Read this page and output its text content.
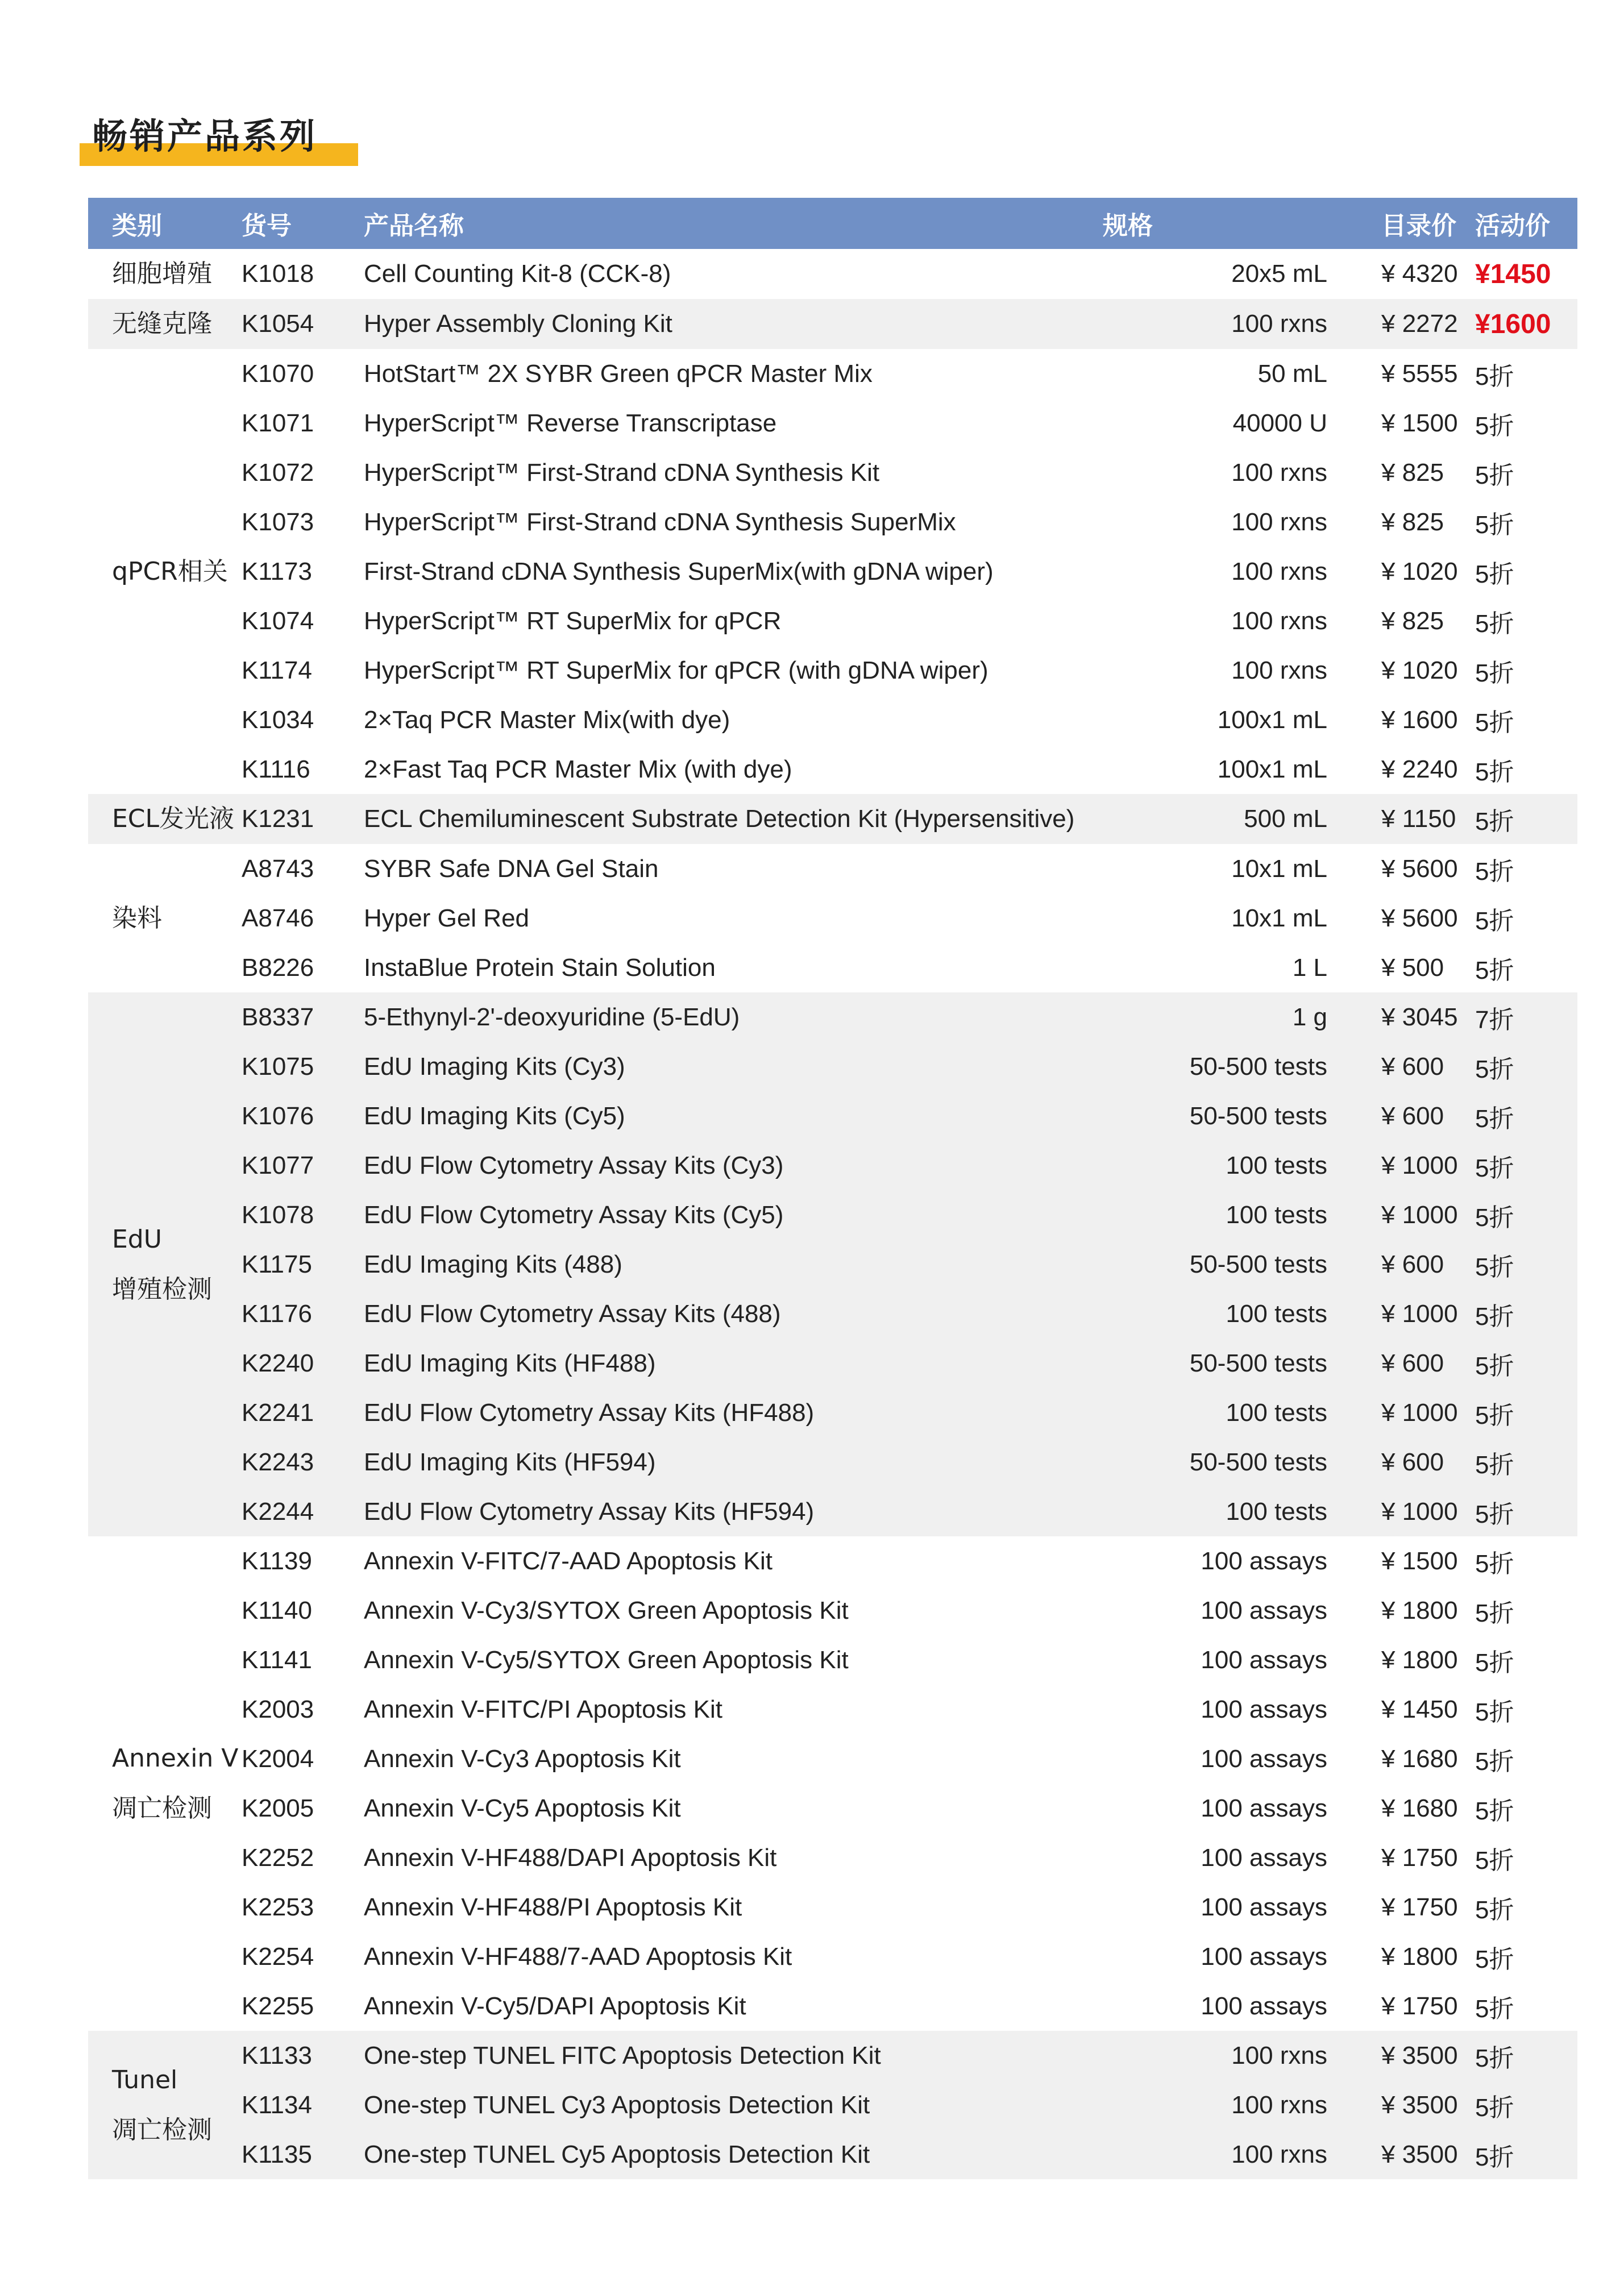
畅销产品系列
类别	货号	产品名称	规格	目录价	活动价

细胞增殖	K1018	Cell Counting Kit-8 (CCK-8)	20x5 mL	¥ 4320	¥1450

无缝克隆	K1054	Hyper Assembly Cloning Kit	100 rxns	¥ 2272	¥1600

qPCR相关	K1070	HotStart™ 2X SYBR Green qPCR Master Mix	50 mL	¥ 5555	5折
	K1071	HyperScript™ Reverse Transcriptase	40000 U	¥ 1500	5折
	K1072	HyperScript™ First-Strand cDNA Synthesis Kit	100 rxns	¥ 825	5折
	K1073	HyperScript™ First-Strand cDNA Synthesis SuperMix	100 rxns	¥ 825	5折
	K1173	First-Strand cDNA Synthesis SuperMix(with gDNA wiper)	100 rxns	¥ 1020	5折
	K1074	HyperScript™ RT SuperMix for qPCR	100 rxns	¥ 825	5折
	K1174	HyperScript™ RT SuperMix for qPCR (with gDNA wiper)	100 rxns	¥ 1020	5折
	K1034	2×Taq PCR Master Mix(with dye)	100x1 mL	¥ 1600	5折
	K1116	2×Fast Taq PCR Master Mix (with dye)	100x1 mL	¥ 2240	5折

ECL发光液	K1231	ECL Chemiluminescent Substrate Detection Kit (Hypersensitive)	500 mL	¥ 1150	5折

染料	A8743	SYBR Safe DNA Gel Stain	10x1 mL	¥ 5600	5折
	A8746	Hyper Gel Red	10x1 mL	¥ 5600	5折
	B8226	InstaBlue Protein Stain Solution	1 L	¥ 500	5折

EdU
增殖检测	B8337	5-Ethynyl-2'-deoxyuridine (5-EdU)	1 g	¥ 3045	7折
	K1075	EdU Imaging Kits (Cy3)	50-500 tests	¥ 600	5折
	K1076	EdU Imaging Kits (Cy5)	50-500 tests	¥ 600	5折
	K1077	EdU Flow Cytometry Assay Kits (Cy3)	100 tests	¥ 1000	5折
	K1078	EdU Flow Cytometry Assay Kits (Cy5)	100 tests	¥ 1000	5折
	K1175	EdU Imaging Kits (488)	50-500 tests	¥ 600	5折
	K1176	EdU Flow Cytometry Assay Kits (488)	100 tests	¥ 1000	5折
	K2240	EdU Imaging Kits (HF488)	50-500 tests	¥ 600	5折
	K2241	EdU Flow Cytometry Assay Kits (HF488)	100 tests	¥ 1000	5折
	K2243	EdU Imaging Kits (HF594)	50-500 tests	¥ 600	5折
	K2244	EdU Flow Cytometry Assay Kits (HF594)	100 tests	¥ 1000	5折

Annexin V
凋亡检测	K1139	Annexin V-FITC/7-AAD Apoptosis Kit	100 assays	¥ 1500	5折
	K1140	Annexin V-Cy3/SYTOX Green Apoptosis Kit	100 assays	¥ 1800	5折
	K1141	Annexin V-Cy5/SYTOX Green Apoptosis Kit	100 assays	¥ 1800	5折
	K2003	Annexin V-FITC/PI Apoptosis Kit	100 assays	¥ 1450	5折
	K2004	Annexin V-Cy3 Apoptosis Kit	100 assays	¥ 1680	5折
	K2005	Annexin V-Cy5 Apoptosis Kit	100 assays	¥ 1680	5折
	K2252	Annexin V-HF488/DAPI Apoptosis Kit	100 assays	¥ 1750	5折
	K2253	Annexin V-HF488/PI Apoptosis Kit	100 assays	¥ 1750	5折
	K2254	Annexin V-HF488/7-AAD Apoptosis Kit	100 assays	¥ 1800	5折
	K2255	Annexin V-Cy5/DAPI Apoptosis Kit	100 assays	¥ 1750	5折

Tunel
凋亡检测	K1133	One-step TUNEL FITC Apoptosis Detection Kit	100 rxns	¥ 3500	5折
	K1134	One-step TUNEL Cy3 Apoptosis Detection Kit	100 rxns	¥ 3500	5折
	K1135	One-step TUNEL Cy5 Apoptosis Detection Kit	100 rxns	¥ 3500	5折
